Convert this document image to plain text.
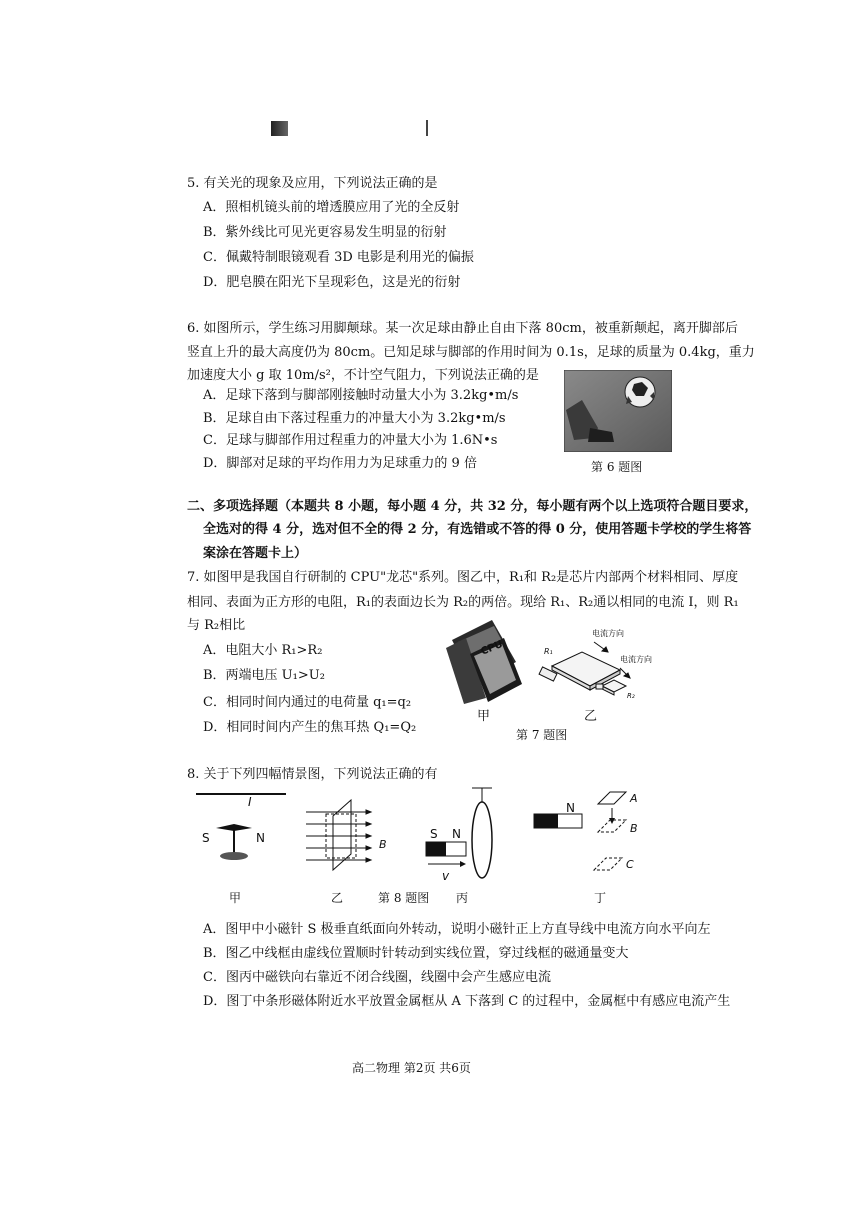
5. 有关光的现象及应用，下列说法正确的是
A．照相机镜头前的增透膜应用了光的全反射
B．紫外线比可见光更容易发生明显的衍射
C．佩戴特制眼镜观看 3D 电影是利用光的偏振
D．肥皂膜在阳光下呈现彩色，这是光的衍射
6. 如图所示，学生练习用脚颠球。某一次足球由静止自由下落 80cm，被重新颠起，离开脚部后
竖直上升的最大高度仍为 80cm。已知足球与脚部的作用时间为 0.1s，足球的质量为 0.4kg，重力
加速度大小 g 取 10m/s²，不计空气阻力，下列说法正确的是
A．足球下落到与脚部刚接触时动量大小为 3.2kg•m/s
B．足球自由下落过程重力的冲量大小为 3.2kg•m/s
C．足球与脚部作用过程重力的冲量大小为 1.6N•s
D．脚部对足球的平均作用力为足球重力的 9 倍	第 6 题图
二、多项选择题（本题共 8 小题，每小题 4 分，共 32 分，每小题有两个以上选项符合题目要求，
全选对的得 4 分，选对但不全的得 2 分，有选错或不答的得 0 分，使用答题卡学校的学生将答
案涂在答题卡上）
7. 如图甲是我国自行研制的 CPU"龙芯"系列。图乙中，R₁和 R₂是芯片内部两个材料相同、厚度
相同、表面为正方形的电阻，R₁的表面边长为 R₂的两倍。现给 R₁、R₂通以相同的电流 I，则 R₁
与 R₂相比
A．电阻大小 R₁>R₂
B．两端电压 U₁>U₂
C．相同时间内通过的电荷量 q₁=q₂
D．相同时间内产生的焦耳热 Q₁=Q₂
CPU	R₁
R₂
电流方向
电流方向
甲	乙
第 7 题图
8. 关于下列四幅情景图，下列说法正确的有
I
S	N	B
S N
v
S N
A
B
C
甲	乙	第 8 题图 丙	丁
A．图甲中小磁针 S 极垂直纸面向外转动，说明小磁针正上方直导线中电流方向水平向左
B．图乙中线框由虚线位置顺时针转动到实线位置，穿过线框的磁通量变大
C．图丙中磁铁向右靠近不闭合线圈，线圈中会产生感应电流
D．图丁中条形磁体附近水平放置金属框从 A 下落到 C 的过程中，金属框中有感应电流产生
高二物理 第2页 共6页
